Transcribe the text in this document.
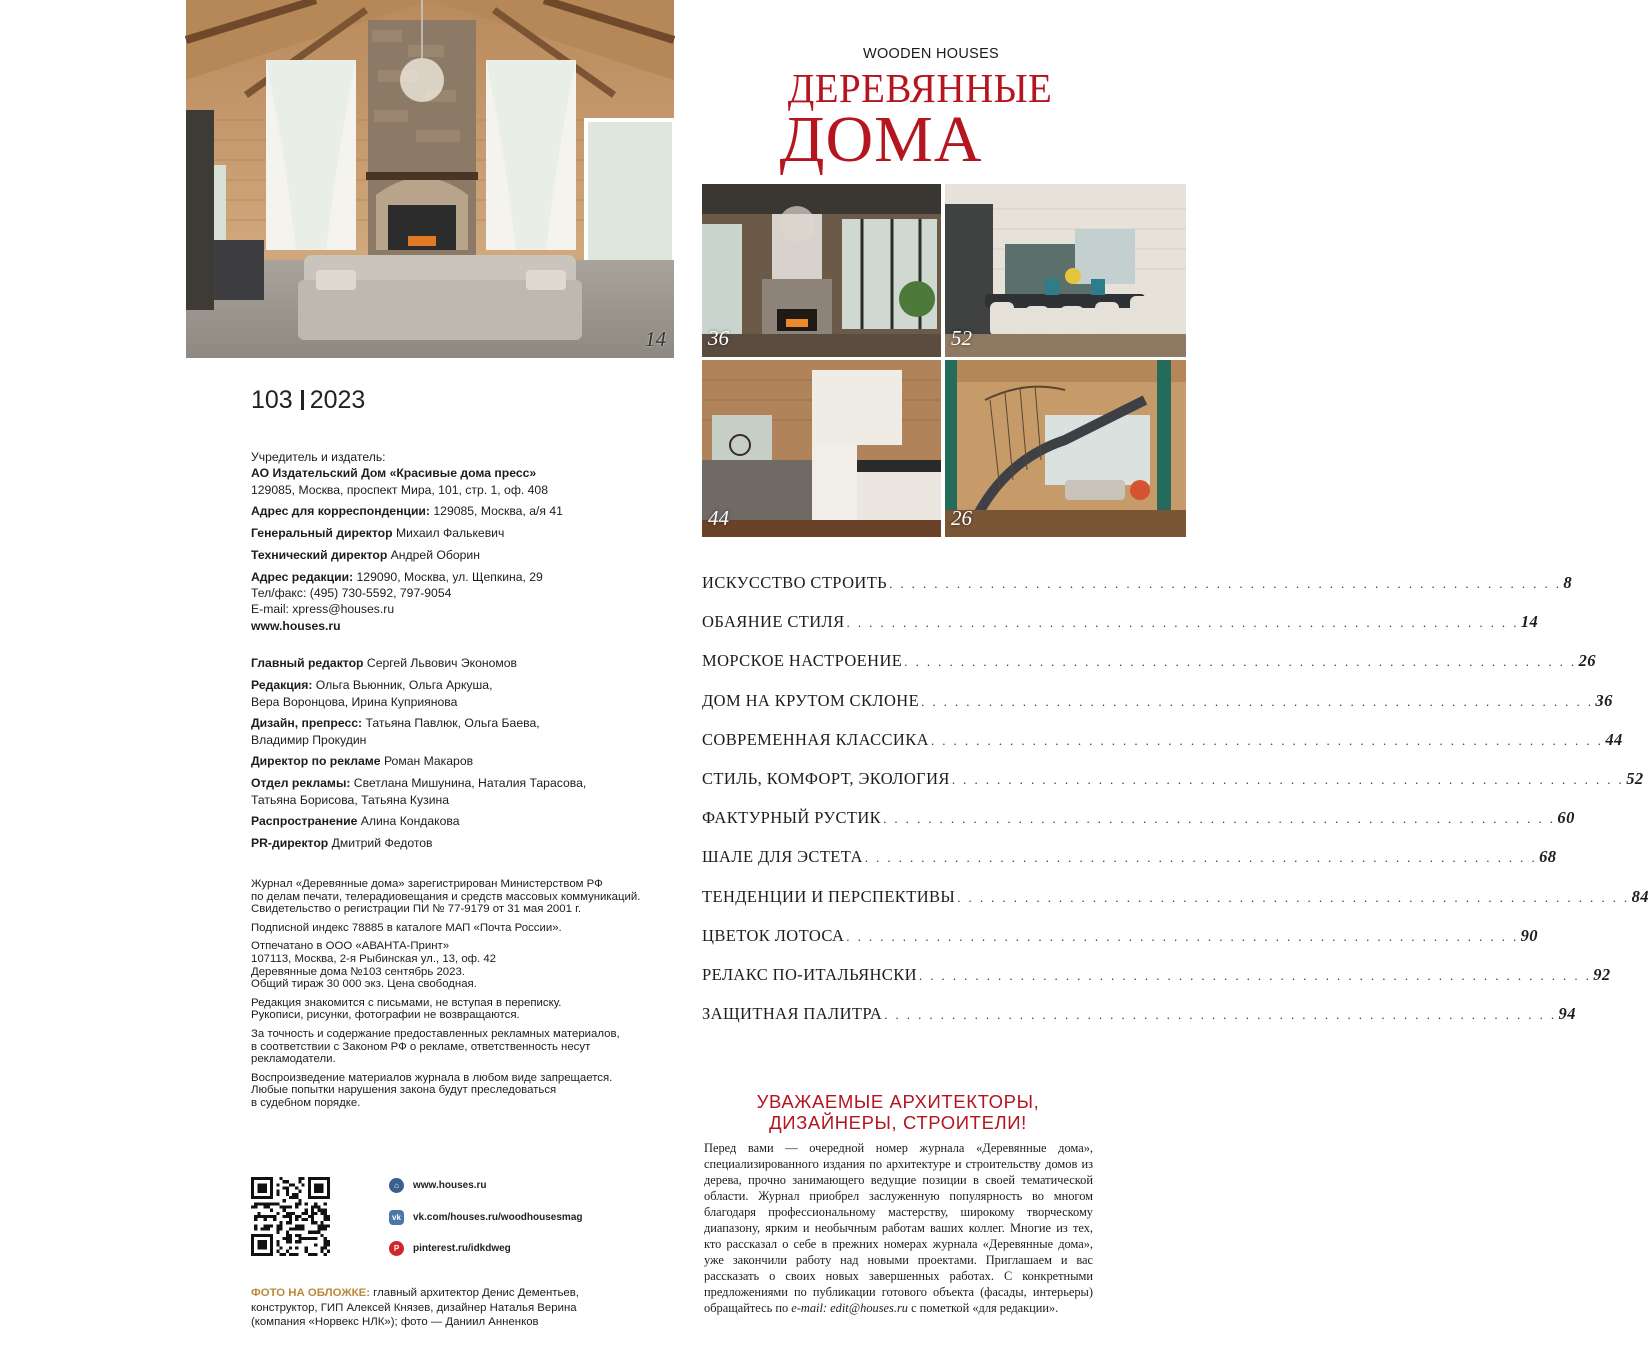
14
WOODEN HOUSES
ДЕРЕВЯННЫЕ
ДОМА
36	52
44	26
103 2023

Учредитель и издатель:
АО Издательский Дом «Красивые дома пресс»
129085, Москва, проспект Мира, 101, стр. 1, оф. 408

Адрес для корреспонденции: 129085, Москва, а/я 41

Генеральный директор Михаил Фалькевич

Технический директор Андрей Оборин

Адрес редакции: 129090, Москва, ул. Щепкина, 29
Тел/факс: (495) 730-5592, 797-9054
E-mail: xpress@houses.ru
www.houses.ru

Главный редактор Сергей Львович Экономов

Редакция: Ольга Вьюнник, Ольга Аркуша,
Вера Воронцова, Ирина Куприянова

Дизайн, препресс: Татьяна Павлюк, Ольга Баева,
Владимир Прокудин

Директор по рекламе Роман Макаров

Отдел рекламы: Светлана Мишунина, Наталия Тарасова,
Татьяна Борисова, Татьяна Кузина

Распространение Алина Кондакова

PR-директор Дмитрий Федотов

Журнал «Деревянные дома» зарегистрирован Министерством РФ
по делам печати, телерадиовещания и средств массовых коммуникаций.
Свидетельство о регистрации ПИ № 77-9179 от 31 мая 2001 г.

Подписной индекс 78885 в каталоге МАП «Почта России».

Отпечатано в ООО «АВАНТА-Принт»
107113, Москва, 2-я Рыбинская ул., 13, оф. 42
Деревянные дома №103 сентябрь 2023.
Общий тираж 30 000 экз. Цена свободная.

Редакция знакомится с письмами, не вступая в переписку.
Рукописи, рисунки, фотографии не возвращаются.

За точность и содержание предоставленных рекламных материалов,
в соответствии с Законом РФ о рекламе, ответственность несут
рекламодатели.

Воспроизведение материалов журнала в любом виде запрещается.
Любые попытки нарушения закона будут преследоваться
в судебном порядке.

⌂	www.houses.ru
vk	vk.com/houses.ru/woodhousesmag
P	pinterest.ru/idkdweg
ФОТО НА ОБЛОЖКЕ: главный архитектор Денис Дементьев,
конструктор, ГИП Алексей Князев, дизайнер Наталья Верина
(компания «Норвекс НЛК»); фото — Даниил Анненков
ИСКУССТВО СТРОИТЬ . . . . . . . . . . . . . . . . . . . . . . . . . . . . . . . . . . . . . . . . . . . . . . . . . . . . . . . . . . . . 8
ОБАЯНИЕ СТИЛЯ . . . . . . . . . . . . . . . . . . . . . . . . . . . . . . . . . . . . . . . . . . . . . . . . . . . . . . . . . . . . 14
МОРСКОЕ НАСТРОЕНИЕ . . . . . . . . . . . . . . . . . . . . . . . . . . . . . . . . . . . . . . . . . . . . . . . . . . . . . . . . . . . . 26
ДОМ НА КРУТОМ СКЛОНЕ . . . . . . . . . . . . . . . . . . . . . . . . . . . . . . . . . . . . . . . . . . . . . . . . . . . . . . . . . . . . 36
СОВРЕМЕННАЯ КЛАССИКА . . . . . . . . . . . . . . . . . . . . . . . . . . . . . . . . . . . . . . . . . . . . . . . . . . . . . . . . . . . . 44
СТИЛЬ, КОМФОРТ, ЭКОЛОГИЯ . . . . . . . . . . . . . . . . . . . . . . . . . . . . . . . . . . . . . . . . . . . . . . . . . . . . . . . . . . . . 52
ФАКТУРНЫЙ РУСТИК . . . . . . . . . . . . . . . . . . . . . . . . . . . . . . . . . . . . . . . . . . . . . . . . . . . . . . . . . . . . 60
ШАЛЕ ДЛЯ ЭСТЕТА . . . . . . . . . . . . . . . . . . . . . . . . . . . . . . . . . . . . . . . . . . . . . . . . . . . . . . . . . . . . 68
ТЕНДЕНЦИИ И ПЕРСПЕКТИВЫ . . . . . . . . . . . . . . . . . . . . . . . . . . . . . . . . . . . . . . . . . . . . . . . . . . . . . . . . . . . . 84
ЦВЕТОК ЛОТОСА . . . . . . . . . . . . . . . . . . . . . . . . . . . . . . . . . . . . . . . . . . . . . . . . . . . . . . . . . . . . 90
РЕЛАКС ПО-ИТАЛЬЯНСКИ . . . . . . . . . . . . . . . . . . . . . . . . . . . . . . . . . . . . . . . . . . . . . . . . . . . . . . . . . . . . 92
ЗАЩИТНАЯ ПАЛИТРА . . . . . . . . . . . . . . . . . . . . . . . . . . . . . . . . . . . . . . . . . . . . . . . . . . . . . . . . . . . . 94
УВАЖАЕМЫЕ АРХИТЕКТОРЫ,
ДИЗАЙНЕРЫ, СТРОИТЕЛИ!
Перед вами — очередной номер журнала «Деревянные дома», специализированного издания по архитектуре и строительству домов из дерева, прочно занимающего ведущие позиции в своей тематической области. Журнал приобрел заслуженную популярность во многом благодаря профессиональному мастерству, широкому творческому диапазону, ярким и необычным работам ваших коллег. Многие из тех, кто рассказал о себе в прежних номерах журнала «Деревянные дома», уже закончили работу над новыми проектами. Приглашаем и вас рассказать о своих новых завершенных работах. С конкретными предложениями по публикации готового объекта (фасады, интерьеры) обращайтесь по e-mail: edit@houses.ru с пометкой «для редакции».
